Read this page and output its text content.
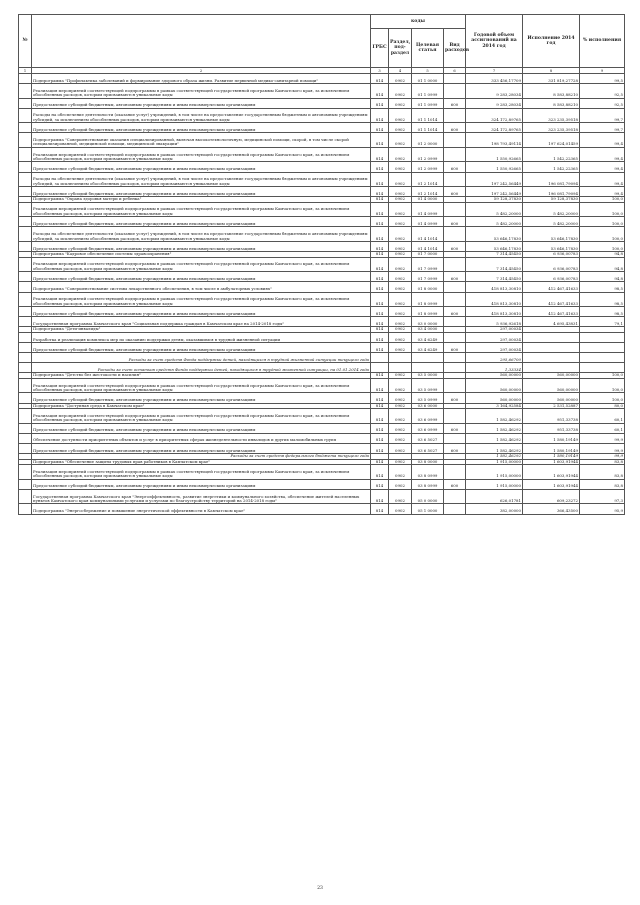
№		коды				Годовой объем ассигнований на 2014 год	Исполнение 2014 год	% исполнения
		ГРБС	Раздел, под-раздел	Целевая статья	Вид расходов			
1	2	3	4	5	6	7	8	9
	Подпрограмма "Профилактика заболеваний и формирование здорового образа жизни. Развитие первичной медико-санитарной помощи"	814	0902	01 1 0000		333 456,17709	331 819,27728	99,5
	Реализация мероприятий соответствующей подпрограммы в рамках соответствующей государственной программы Камчатского края, за исключением обособленных расходов, которым присваиваются уникальные коды	814	0902	01 1 0999		9 283,28034	8 583,88210	92,5
	Предоставление субсидий бюджетным, автономным учреждениям и иным некоммерческим организациям	814	0902	01 1 0999	600	9 283,28034	8 583,88210	92,5
	Расходы на обеспечение деятельности (оказание услуг) учреждений, в том числе на предоставление государственным бюджетным и автономным учреждениям субсидий, за исключением обособленных расходов, которым присваиваются уникальные коды	814	0902	01 1 1014		324 172,89765	323 235,39518	99,7
	Предоставление субсидий бюджетным, автономным учреждениям и иным некоммерческим организациям	814	0902	01 1 1014	600	324 172,89765	323 235,39518	99,7
	Подпрограмма "Совершенствование оказания специализированной, включая высокотехнологичную, медицинской помощи, скорой, в том числе скорой специализированной, медицинской помощи, медицинской эвакуации"	814	0902	01 2 0000		198 793,49114	197 624,01459	99,4
	Реализация мероприятий соответствующей подпрограммы в рамках соответствующей государственной программы Камчатского края, за исключением обособленных расходов, которым присваиваются уникальные коды	814	0902	01 2 0999		1 550,92665	1 542,22365	99,4
	Предоставление субсидий бюджетным, автономным учреждениям и иным некоммерческим организациям	814	0902	01 2 0999	600	1 550,92665	1 542,22365	99,4
	Расходы на обеспечение деятельности (оказание услуг) учреждений, в том числе на предоставление государственным бюджетным и автономным учреждениям субсидий, за исключением обособленных расходов, которым присваиваются уникальные коды	814	0902	01 2 1014		197 242,56449	196 081,79094	99,4
	Предоставление субсидий бюджетным, автономным учреждениям и иным некоммерческим организациям	814	0902	01 2 1014	600	197 242,56449	196 081,79094	99,4
	Подпрограмма "Охрана здоровья матери и ребенка"	814	0902	01 4 0000		59 128,37830	59 128,37830	100,0
	Реализация мероприятий соответствующей подпрограммы в рамках соответствующей государственной программы Камчатского края, за исключением обособленных расходов, которым присваиваются уникальные коды	814	0902	01 4 0999		5 482,20000	5 482,20000	100,0
	Предоставление субсидий бюджетным, автономным учреждениям и иным некоммерческим организациям	814	0902	01 4 0999	600	5 482,20000	5 482,20000	100,0
	Расходы на обеспечение деятельности (оказание услуг) учреждений, в том числе на предоставление государственным бюджетным и автономным учреждениям субсидий, за исключением обособленных расходов, которым присваиваются уникальные коды	814	0902	01 4 1014		53 646,17830	53 646,17830	100,0
	Предоставление субсидий бюджетным, автономным учреждениям и иным некоммерческим организациям	814	0902	01 4 1014	600	53 646,17830	53 646,17830	100,0
	Подпрограмма "Кадровое обеспечение системы здравоохранения"	814	0902	01 7 0000		7 314,45450	6 936,00783	94,8
	Реализация мероприятий соответствующей подпрограммы в рамках соответствующей государственной программы Камчатского края, за исключением обособленных расходов, которым присваиваются уникальные коды	814	0902	01 7 0999		7 314,45450	6 936,00783	94,8
	Предоставление субсидий бюджетным, автономным учреждениям и иным некоммерческим организациям	814	0902	01 7 0999	600	7 314,45450	6 936,00783	94,8
	Подпрограмма "Совершенствование системы лекарственного обеспечения, в том числе в амбулаторных условиях"	814	0902	01 8 0000		418 813,30810	412 467,41633	98,5
	Реализация мероприятий соответствующей подпрограммы в рамках соответствующей государственной программы Камчатского края, за исключением обособленных расходов, которым присваиваются уникальные коды	814	0902	01 8 0999		418 813,30810	412 467,41633	98,5
	Предоставление субсидий бюджетным, автономным учреждениям и иным некоммерческим организациям	814	0902	01 8 0999	600	418 813,30810	412 467,41633	98,5
	Государственная программа Камчатского края "Социальная поддержка граждан в Камчатском крае на 2014-2018 годы"	814	0902	03 0 0000		5 936,92618	4 695,43831	79,1
	Подпрограмма "Дети-инвалиды"	814	0902	03 4 0000		297,00034		
	Разработка и реализация комплекса мер по оказанию поддержки детям, оказавшимся в трудной жизненной ситуации	814	0902	03 4 6249		297,00034		
	Предоставление субсидий бюджетным, автономным учреждениям и иным некоммерческим организациям	814	0902	03 4 6249	600	297,00034		
	Расходы за счет средств Фонда поддержки детей, находящихся в трудной жизненной ситуации текущего года					295,66700		
	Расходы за счет остатков средств Фонда поддержки детей, находящихся в трудной жизненной ситуации, на 01.01.2014 года					1,33334		
	Подпрограмма "Детство без жестокости и насилия"	814	0902	03 5 0000		560,00000	560,00000	100,0
	Реализация мероприятий соответствующей подпрограммы в рамках соответствующей государственной программы Камчатского края, за исключением обособленных расходов, которым присваиваются уникальные коды	814	0902	03 5 0999		560,00000	560,00000	100,0
	Предоставление субсидий бюджетным, автономным учреждениям и иным некоммерческим организациям	814	0902	03 5 0999	600	560,00000	560,00000	100,0
	Подпрограмма "Доступная среда в Камчатском крае"	814	0902	03 6 0000		3 164,92584	2 531,52887	80,0
	Реализация мероприятий соответствующей подпрограммы в рамках соответствующей государственной программы Камчатского края, за исключением обособленных расходов, которым присваиваются уникальные коды	814	0902	03 6 0999		1 582,46292	951,33738	60,1
	Предоставление субсидий бюджетным, автономным учреждениям и иным некоммерческим организациям	814	0902	03 6 0999	600	1 582,46292	951,33738	60,1
	Обеспечение доступности приоритетных объектов и услуг в приоритетных сферах жизнедеятельности инвалидов и других маломобильных групп	814	0902	03 6 5027		1 582,46292	1 580,19149	99,9
	Предоставление субсидий бюджетным, автономным учреждениям и иным некоммерческим организациям	814	0902	03 6 5027	600	1 582,46292	1 580,19149	99,9
	Расходы за счет средств федерального бюджета текущего года					1 582,46292	1 580,19149	99,9
	Подпрограмма "Обеспечение защиты трудовых прав работников в Камчатском крае"	814	0902	03 8 0000		1 915,00000	1 603,91944	83,8
	Реализация мероприятий соответствующей подпрограммы в рамках соответствующей государственной программы Камчатского края, за исключением обособленных расходов, которым присваиваются уникальные коды	814	0902	03 8 0999		1 915,00000	1 603,91944	83,8
	Предоставление субсидий бюджетным, автономным учреждениям и иным некоммерческим организациям	814	0902	03 8 0999	600	1 915,00000	1 603,91944	83,8
	Государственная программа Камчатского края "Энергоэффективность, развитие энергетики и коммунального хозяйства, обеспечение жителей населенных пунктов Камчатского края коммунальными услугами и услугами по благоустройству территорий на 2014-2018 годы"	814	0902	05 0 0000		626,01781	609,23272	97,3
	Подпрограмма "Энергосбережение и повышение энергетической эффективности в Камчатском крае"	814	0902	05 1 0000		382,00000	366,43500	95,9
23
